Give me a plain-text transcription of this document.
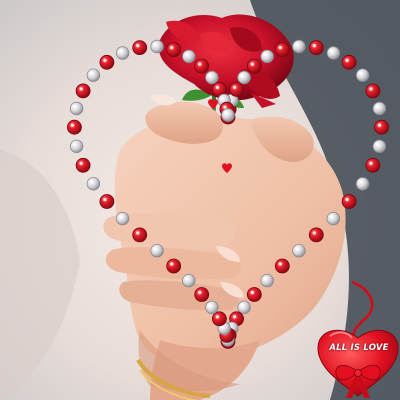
ALL IS LOVE
